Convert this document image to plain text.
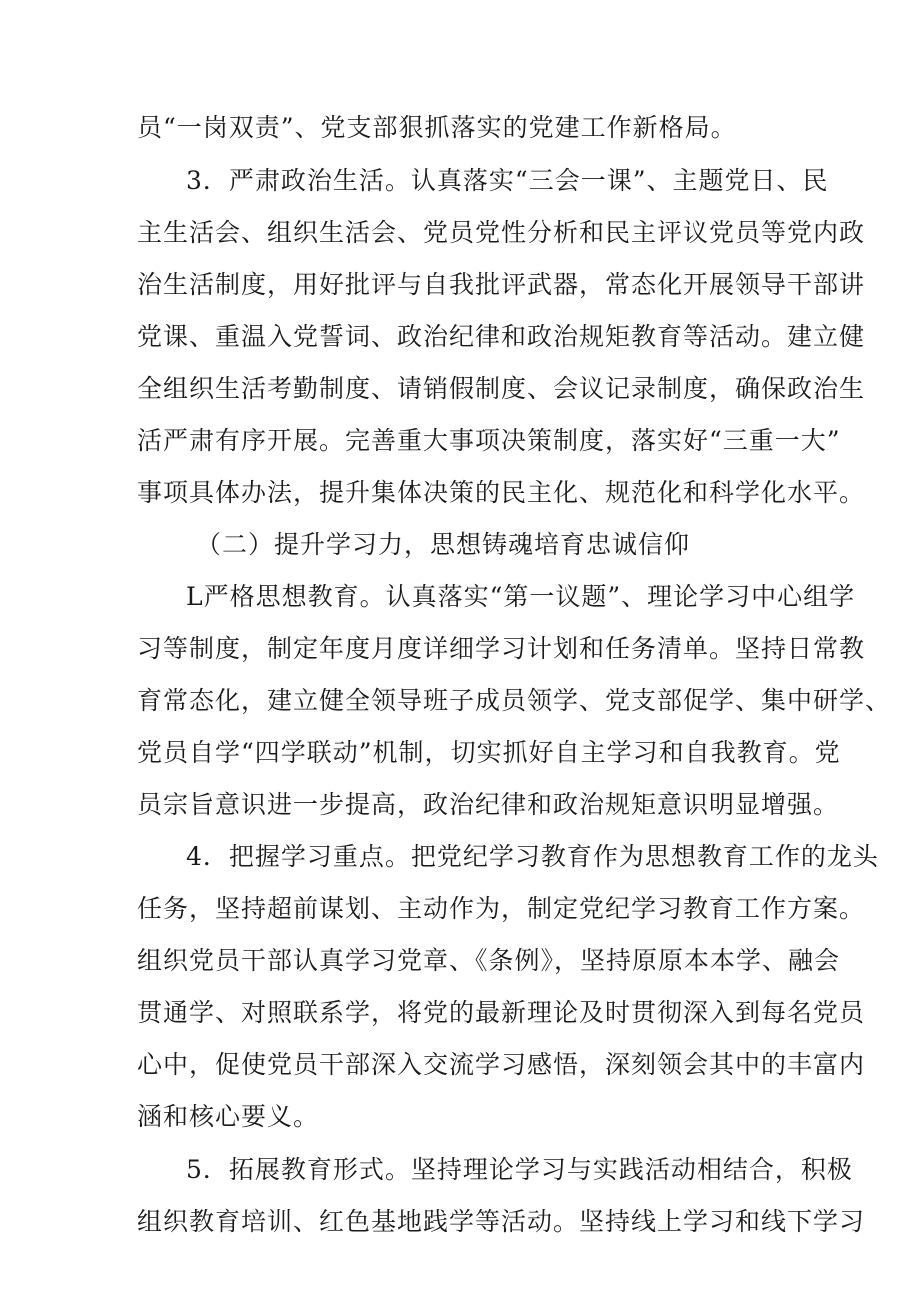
员“一岗双责”、党支部狠抓落实的党建工作新格局。
3．严肃政治生活。认真落实“三会一课”、主题党日、民
主生活会、组织生活会、党员党性分析和民主评议党员等党内政
治生活制度，用好批评与自我批评武器，常态化开展领导干部讲
党课、重温入党誓词、政治纪律和政治规矩教育等活动。建立健
全组织生活考勤制度、请销假制度、会议记录制度，确保政治生
活严肃有序开展。完善重大事项决策制度，落实好“三重一大”
事项具体办法，提升集体决策的民主化、规范化和科学化水平。
（二）提升学习力，思想铸魂培育忠诚信仰
L严格思想教育。认真落实“第一议题”、理论学习中心组学
习等制度，制定年度月度详细学习计划和任务清单。坚持日常教
育常态化，建立健全领导班子成员领学、党支部促学、集中研学、
党员自学“四学联动”机制，切实抓好自主学习和自我教育。党
员宗旨意识进一步提高，政治纪律和政治规矩意识明显增强。
4．把握学习重点。把党纪学习教育作为思想教育工作的龙头
任务，坚持超前谋划、主动作为，制定党纪学习教育工作方案。
组织党员干部认真学习党章、《条例》，坚持原原本本学、融会
贯通学、对照联系学，将党的最新理论及时贯彻深入到每名党员
心中，促使党员干部深入交流学习感悟，深刻领会其中的丰富内
涵和核心要义。
5．拓展教育形式。坚持理论学习与实践活动相结合，积极
组织教育培训、红色基地践学等活动。坚持线上学习和线下学习
